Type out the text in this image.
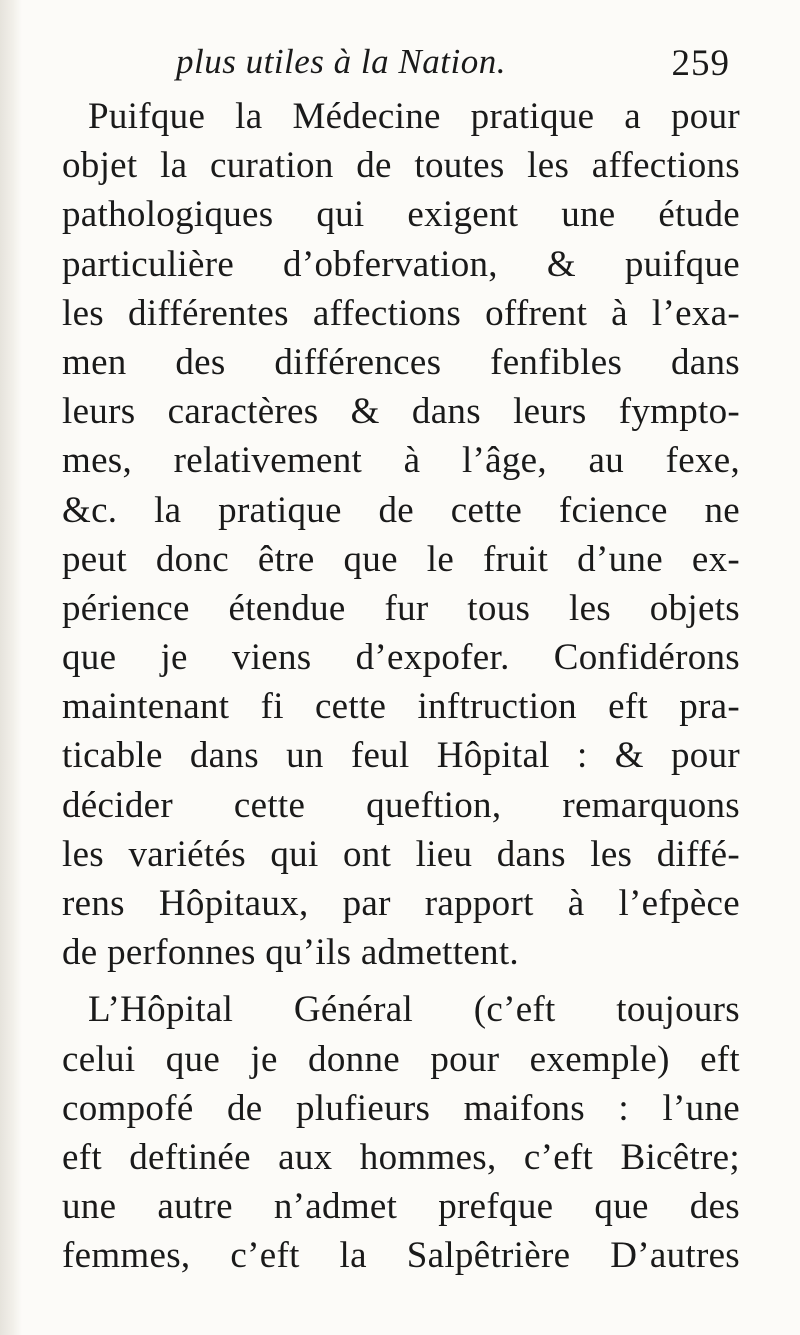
plus utiles à la Nation.	259
Puifque la Médecine pratique a pour
objet la curation de toutes les affections
pathologiques qui exigent une étude
particulière d’obfervation, & puifque
les différentes affections offrent à l’exa-
men des différences fenfibles dans
leurs caractères & dans leurs fympto-
mes, relativement à l’âge, au fexe,
&c. la pratique de cette fcience ne
peut donc être que le fruit d’une ex-
périence étendue fur tous les objets
que je viens d’expofer. Confidérons
maintenant fi cette inftruction eft pra-
ticable dans un feul Hôpital : & pour
décider cette queftion, remarquons
les variétés qui ont lieu dans les diffé-
rens Hôpitaux, par rapport à l’efpèce
de perfonnes qu’ils admettent.
L’Hôpital Général (c’eft toujours
celui que je donne pour exemple) eft
compofé de plufieurs maifons : l’une
eft deftinée aux hommes, c’eft Bicêtre;
une autre n’admet prefque que des
femmes, c’eft la Salpêtrière D’autres
